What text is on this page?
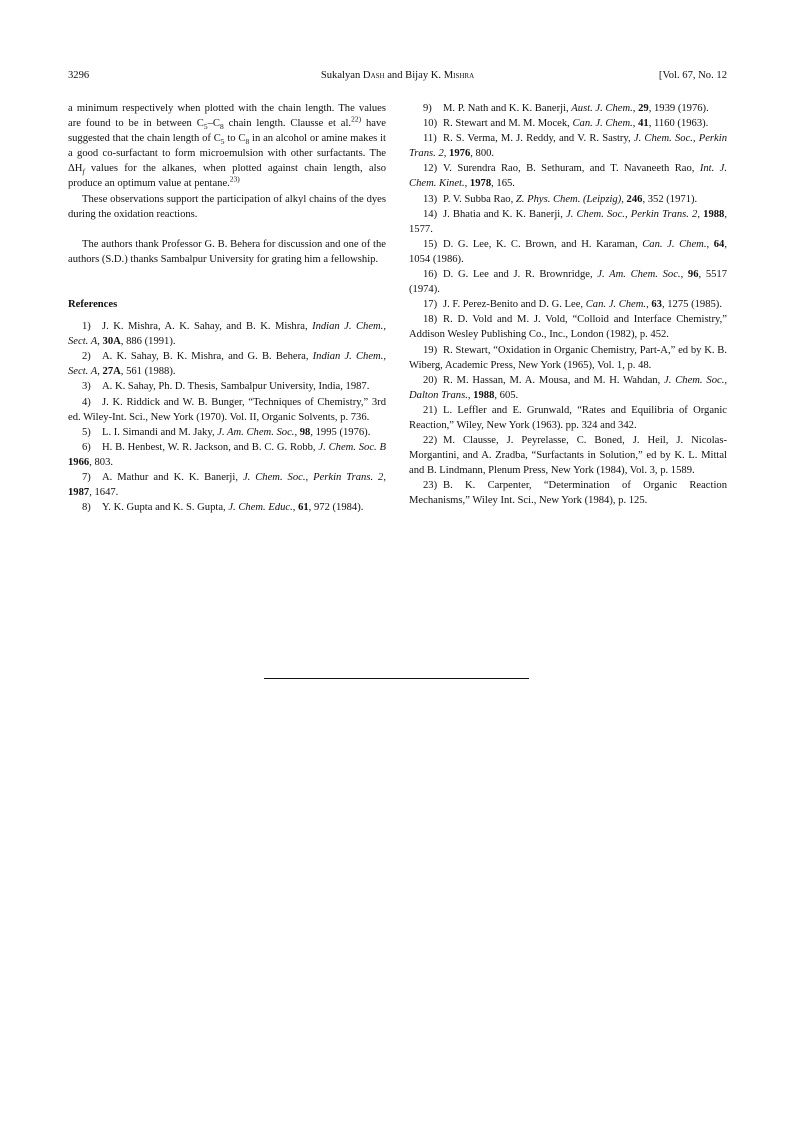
3296	Sukalyan Dash and Bijay K. Mishra	[Vol. 67, No. 12

a minimum respectively when plotted with the chain length. The values are found to be in between $C_5-C_8$ chain length. Clausse et al.$^{22)}$ have suggested that the chain length of $C_5$ to $C_8$ in an alcohol or amine makes it a good co-surfactant to form microemulsion with other surfactants. The $\Delta H_f$ values for the alkanes, when plotted against chain length, also produce an optimum value at pentane.$^{23)}$

These observations support the participation of alkyl chains of the dyes during the oxidation reactions.

The authors thank Professor G. B. Behera for discussion and one of the authors (S.D.) thanks Sambalpur University for grating him a fellowship.

References

1) J. K. Mishra, A. K. Sahay, and B. K. Mishra, Indian J. Chem., Sect. A, 30A, 886 (1991).

2) A. K. Sahay, B. K. Mishra, and G. B. Behera, Indian J. Chem., Sect. A, 27A, 561 (1988).

3) A. K. Sahay, Ph. D. Thesis, Sambalpur University, India, 1987.

4) J. K. Riddick and W. B. Bunger, “Techniques of Chemistry,” 3rd ed. Wiley-Int. Sci., New York (1970). Vol. II, Organic Solvents, p. 736.

5) L. I. Simandi and M. Jaky, J. Am. Chem. Soc., 98, 1995 (1976).

6) H. B. Henbest, W. R. Jackson, and B. C. G. Robb, J. Chem. Soc. B 1966, 803.

7) A. Mathur and K. K. Banerji, J. Chem. Soc., Perkin Trans. 2, 1987, 1647.

8) Y. K. Gupta and K. S. Gupta, J. Chem. Educ., 61, 972 (1984).

9) M. P. Nath and K. K. Banerji, Aust. J. Chem., 29, 1939 (1976).

10) R. Stewart and M. M. Mocek, Can. J. Chem., 41, 1160 (1963).

11) R. S. Verma, M. J. Reddy, and V. R. Sastry, J. Chem. Soc., Perkin Trans. 2, 1976, 800.

12) V. Surendra Rao, B. Sethuram, and T. Navaneeth Rao, Int. J. Chem. Kinet., 1978, 165.

13) P. V. Subba Rao, Z. Phys. Chem. (Leipzig), 246, 352 (1971).

14) J. Bhatia and K. K. Banerji, J. Chem. Soc., Perkin Trans. 2, 1988, 1577.

15) D. G. Lee, K. C. Brown, and H. Karaman, Can. J. Chem., 64, 1054 (1986).

16) D. G. Lee and J. R. Brownridge, J. Am. Chem. Soc., 96, 5517 (1974).

17) J. F. Perez-Benito and D. G. Lee, Can. J. Chem., 63, 1275 (1985).

18) R. D. Vold and M. J. Vold, “Colloid and Interface Chemistry,” Addison Wesley Publishing Co., Inc., London (1982), p. 452.

19) R. Stewart, “Oxidation in Organic Chemistry, Part-A,” ed by K. B. Wiberg, Academic Press, New York (1965), Vol. 1, p. 48.

20) R. M. Hassan, M. A. Mousa, and M. H. Wahdan, J. Chem. Soc., Dalton Trans., 1988, 605.

21) L. Leffler and E. Grunwald, “Rates and Equilibria of Organic Reaction,” Wiley, New York (1963). pp. 324 and 342.

22) M. Clausse, J. Peyrelasse, C. Boned, J. Heil, J. Nicolas-Morgantini, and A. Zradba, “Surfactants in Solution,” ed by K. L. Mittal and B. Lindmann, Plenum Press, New York (1984), Vol. 3, p. 1589.

23) B. K. Carpenter, “Determination of Organic Reaction Mechanisms,” Wiley Int. Sci., New York (1984), p. 125.
